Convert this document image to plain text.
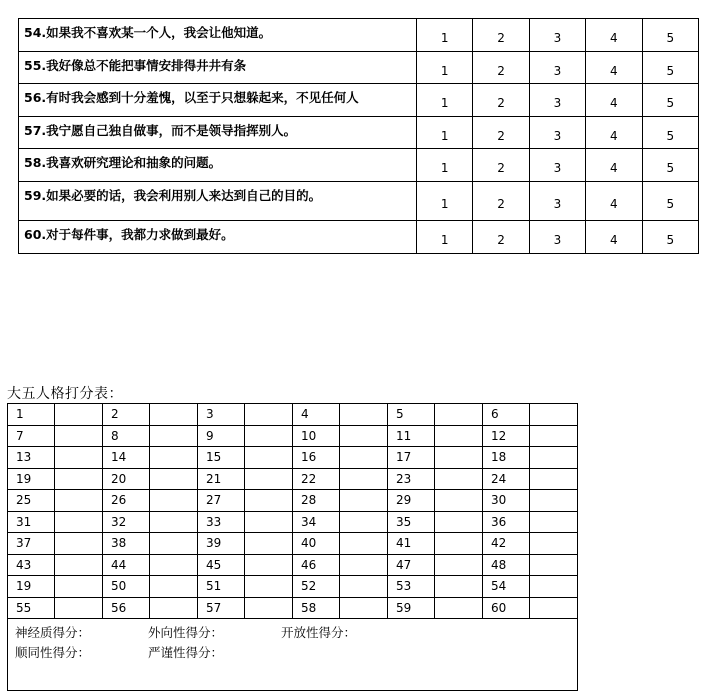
54.如果我不喜欢某一个人，我会让他知道。	1	2	3	4	5
55.我好像总不能把事情安排得井井有条	1	2	3	4	5
56.有时我会感到十分羞愧，以至于只想躲起来，不见任何人	1	2	3	4	5
57.我宁愿自己独自做事，而不是领导指挥别人。	1	2	3	4	5
58.我喜欢研究理论和抽象的问题。	1	2	3	4	5
59.如果必要的话，我会利用别人来达到自己的目的。	1	2	3	4	5
60.对于每件事，我都力求做到最好。	1	2	3	4	5
大五人格打分表：
1		2		3		4		5		6	
7		8		9		10		11		12	
13		14		15		16		17		18	
19		20		21		22		23		24	
25		26		27		28		29		30	
31		32		33		34		35		36	
37		38		39		40		41		42	
43		44		45		46		47		48	
19		50		51		52		53		54	
55		56		57		58		59		60	

神经质得分： 外向性得分： 开放性得分：
顺同性得分： 严谨性得分：											
